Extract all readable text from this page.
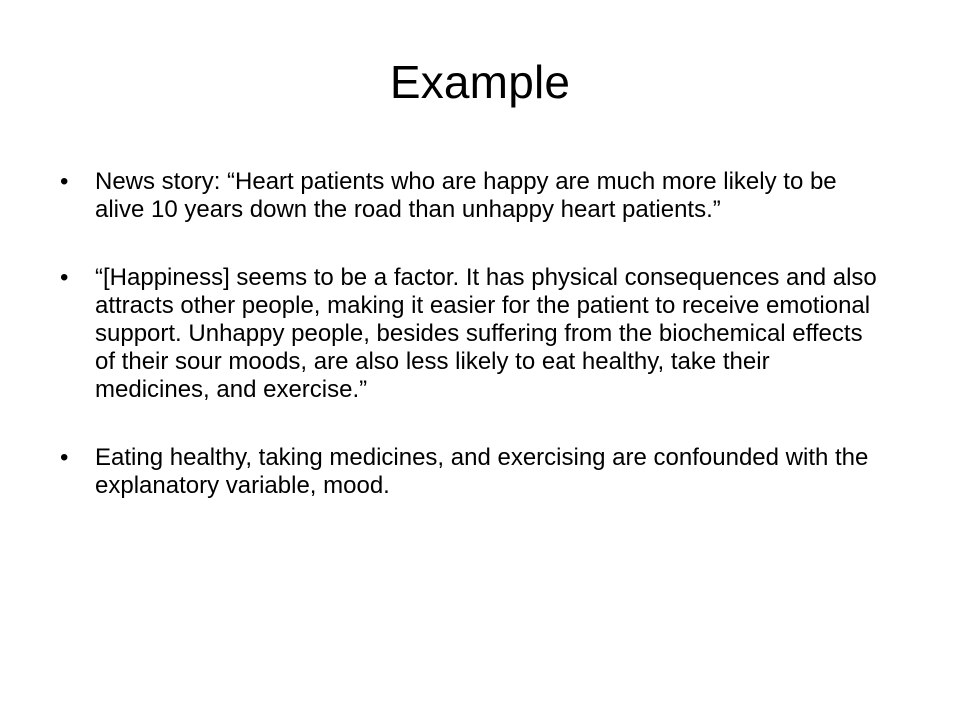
Example
• News story: “Heart patients who are happy are much more likely to be alive 10 years down the road than unhappy heart patients.”
• “[Happiness] seems to be a factor. It has physical consequences and also attracts other people, making it easier for the patient to receive emotional support. Unhappy people, besides suffering from the biochemical effects of their sour moods, are also less likely to eat healthy, take their medicines, and exercise.”
• Eating healthy, taking medicines, and exercising are confounded with the explanatory variable, mood.
